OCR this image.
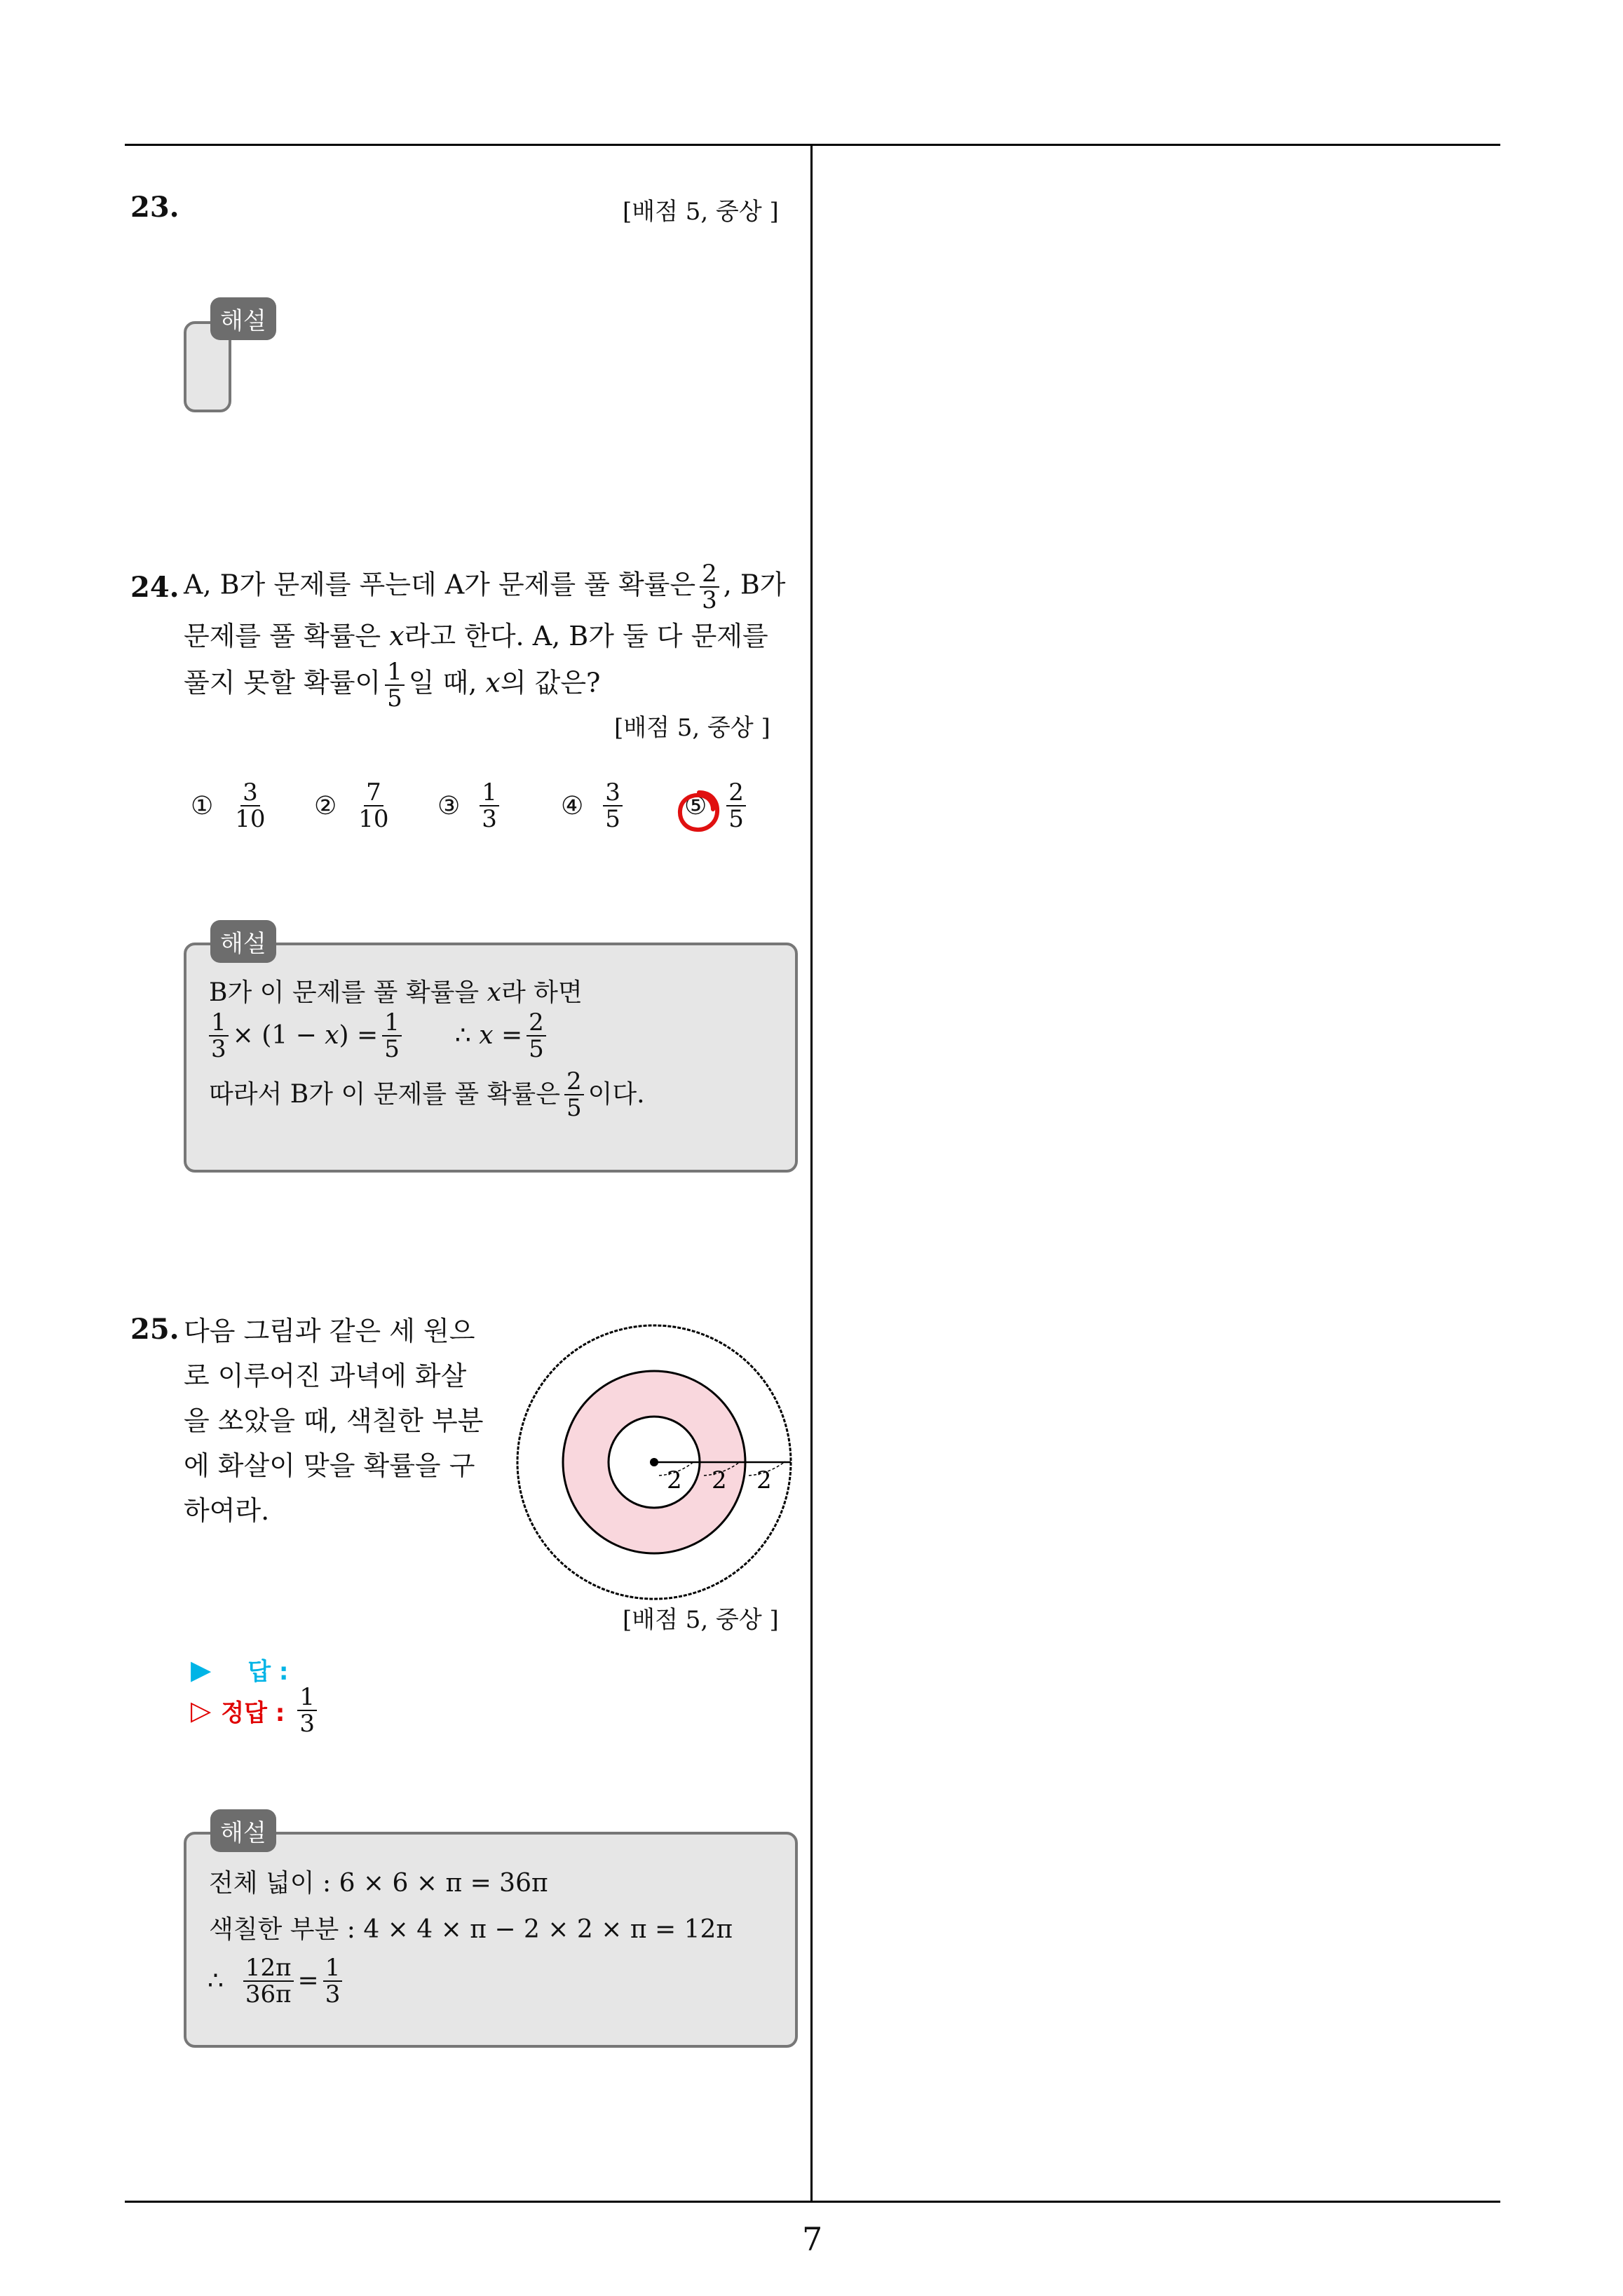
23.	[배점 5, 중상 ]
해설
24. A, B가 문제를 푸는데 A가 문제를 풀 확률은 $\frac{2}{3}$ , B가
문제를 풀 확률은 𝑥라고 한다. A, B가 둘 다 문제를
풀지 못할 확률이 $\frac{1}{5}$ 일 때, 𝑥의 값은?
[배점 5, 중상 ]
① $\frac{3}{10}$ ② $\frac{7}{10}$ ③ $\frac{1}{3}$ ④ $\frac{3}{5}$ ⑤ $\frac{2}{5}$
해설
B가 이 문제를 풀 확률을 𝑥라 하면
$\frac{1}{3} \times (1$ − 𝑥) = $\frac{1}{5}$ ∴ 𝑥 = $\frac{2}{5}$
따라서 B가 이 문제를 풀 확률은 $\frac{2}{5}$ 이다.
25. 다음 그림과 같은 세 원으
로 이루어진 과녁에 화살
을 쏘았을 때, 색칠한 부분
에 화살이 맞을 확률을 구
하여라.
2 2 2
[배점 5, 중상 ]
▶ 답 :
▷ 정답 : $\frac{1}{3}$
해설
전체 넓이 : 6 × 6 × π = 36π
색칠한 부분 : 4 × 4 × π − 2 × 2 × π = 12π
∴ $\frac{12\pi}{36\pi} = \frac{1}{3}$
7
